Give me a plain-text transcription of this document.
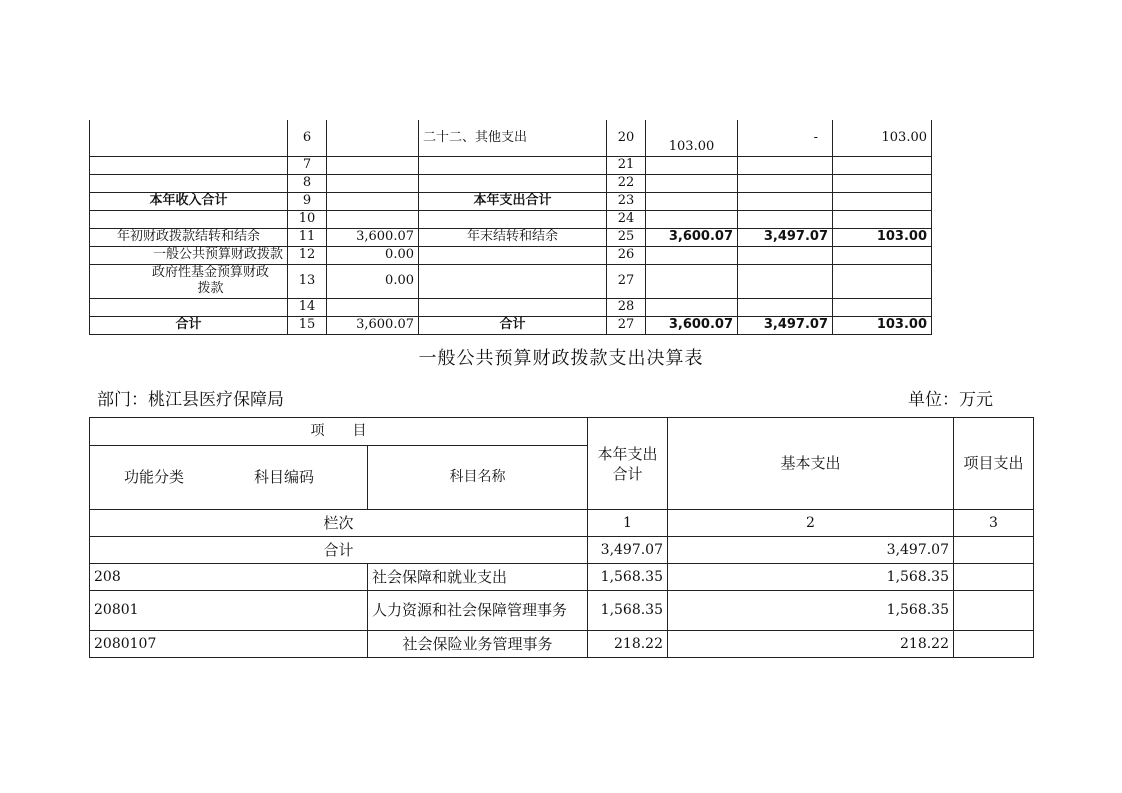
	6		二十二、其他支出	20	103.00	-	103.00
	7			21			
	8			22			
本年收入合计	9		本年支出合计	23			
	10			24			
年初财政拨款结转和结余	11	3,600.07	年末结转和结余	25	3,600.07	3,497.07	103.00
一般公共预算财政拨款	12	0.00		26			
政府性基金预算财政拨款	13	0.00		27			
	14			28			
合计	15	3,600.07	合计	27	3,600.07	3,497.07	103.00
一般公共预算财政拨款支出决算表
部门：桃江县医疗保障局	单位：万元
项　　目		本年支出合计	基本支出	项目支出
功能分类 科目编码	科目名称			
栏次		1	2	3
合计		3,497.07	3,497.07	
208	社会保障和就业支出	1,568.35	1,568.35	
20801	人力资源和社会保障管理事务	1,568.35	1,568.35	
2080107	社会保险业务管理事务	218.22	218.22	
